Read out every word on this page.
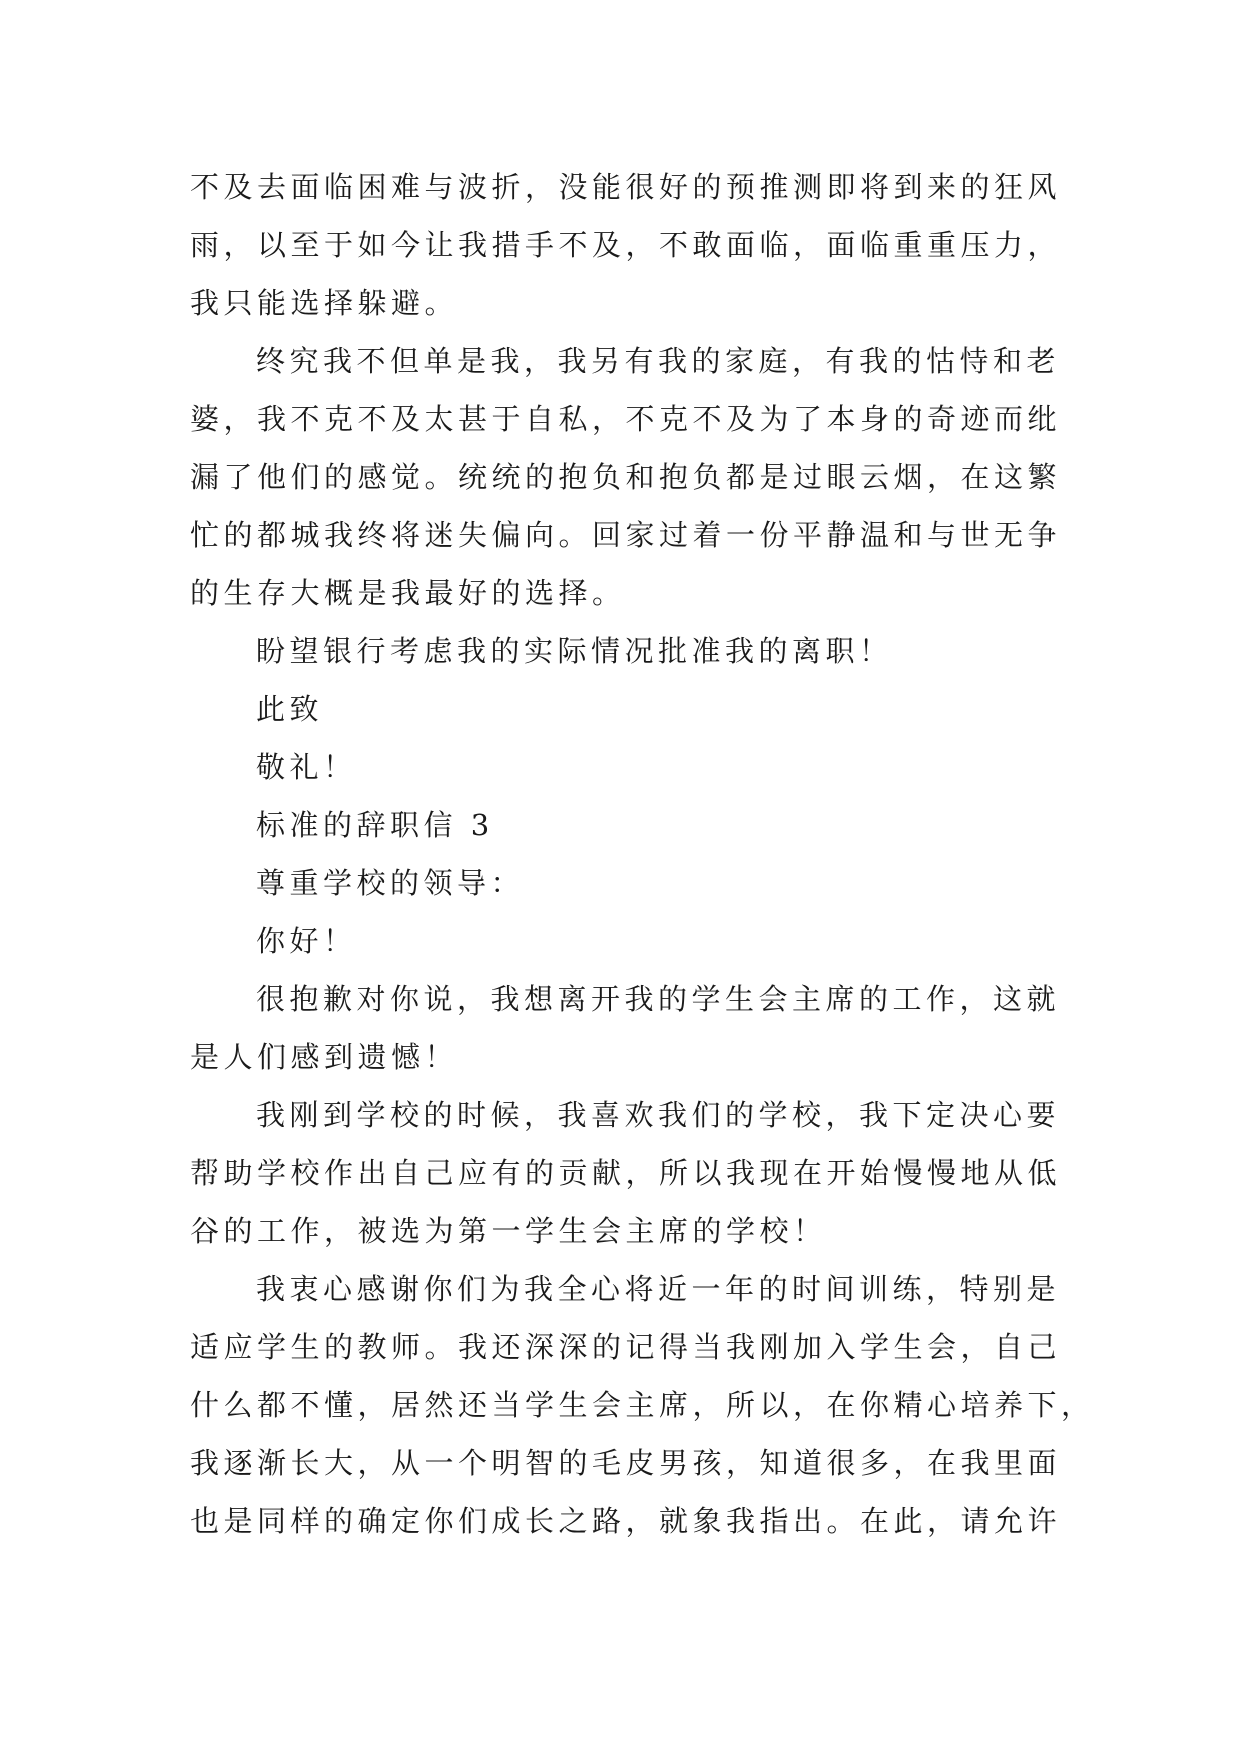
不及去面临困难与波折，没能很好的预推测即将到来的狂风
雨，以至于如今让我措手不及，不敢面临，面临重重压力，
我只能选择躲避。
终究我不但单是我，我另有我的家庭，有我的怙恃和老
婆，我不克不及太甚于自私，不克不及为了本身的奇迹而纰
漏了他们的感觉。统统的抱负和抱负都是过眼云烟，在这繁
忙的都城我终将迷失偏向。回家过着一份平静温和与世无争
的生存大概是我最好的选择。
盼望银行考虑我的实际情况批准我的离职！
此致
敬礼！
标准的辞职信 3
尊重学校的领导：
你好！
很抱歉对你说，我想离开我的学生会主席的工作，这就
是人们感到遗憾！
我刚到学校的时候，我喜欢我们的学校，我下定决心要
帮助学校作出自己应有的贡献，所以我现在开始慢慢地从低
谷的工作，被选为第一学生会主席的学校！
我衷心感谢你们为我全心将近一年的时间训练，特别是
适应学生的教师。我还深深的记得当我刚加入学生会，自己
什么都不懂，居然还当学生会主席，所以，在你精心培养下，
我逐渐长大，从一个明智的毛皮男孩，知道很多，在我里面
也是同样的确定你们成长之路，就象我指出。在此，请允许
